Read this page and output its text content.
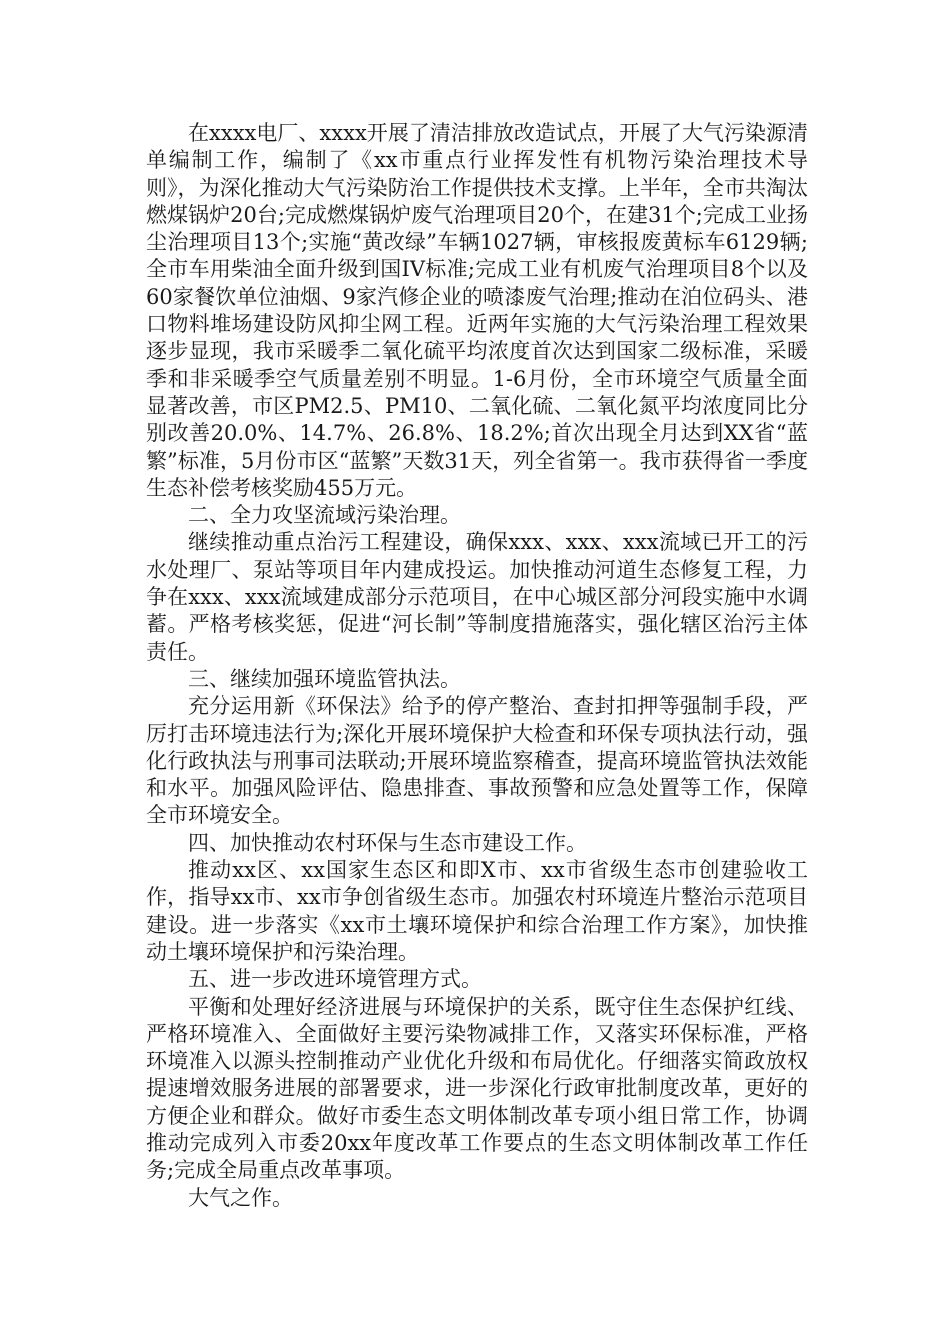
在xxxx电厂、xxxx开展了清洁排放改造试点，开展了大气污染源清单编制工作，编制了《xx市重点行业挥发性有机物污染治理技术导则》，为深化推动大气污染防治工作提供技术支撑。上半年，全市共淘汰燃煤锅炉20台;完成燃煤锅炉废气治理项目20个，在建31个;完成工业扬尘治理项目13个;实施“黄改绿”车辆1027辆，审核报废黄标车6129辆;全市车用柴油全面升级到国IV标准;完成工业有机废气治理项目8个以及60家餐饮单位油烟、9家汽修企业的喷漆废气治理;推动在泊位码头、港口物料堆场建设防风抑尘网工程。近两年实施的大气污染治理工程效果逐步显现，我市采暖季二氧化硫平均浓度首次达到国家二级标准，采暖季和非采暖季空气质量差别不明显。1-6月份，全市环境空气质量全面显著改善，市区PM2.5、PM10、二氧化硫、二氧化氮平均浓度同比分别改善20.0%、14.7%、26.8%、18.2%;首次出现全月达到XX省“蓝繁”标准，5月份市区“蓝繁”天数31天，列全省第一。我市获得省一季度生态补偿考核奖励455万元。

二、全力攻坚流域污染治理。

继续推动重点治污工程建设，确保xxx、xxx、xxx流域已开工的污水处理厂、泵站等项目年内建成投运。加快推动河道生态修复工程，力争在xxx、xxx流域建成部分示范项目，在中心城区部分河段实施中水调蓄。严格考核奖惩，促进“河长制”等制度措施落实，强化辖区治污主体责任。

三、继续加强环境监管执法。

充分运用新《环保法》给予的停产整治、查封扣押等强制手段，严厉打击环境违法行为;深化开展环境保护大检查和环保专项执法行动，强化行政执法与刑事司法联动;开展环境监察稽查，提高环境监管执法效能和水平。加强风险评估、隐患排查、事故预警和应急处置等工作，保障全市环境安全。

四、加快推动农村环保与生态市建设工作。

推动xx区、xx国家生态区和即X市、xx市省级生态市创建验收工作，指导xx市、xx市争创省级生态市。加强农村环境连片整治示范项目建设。进一步落实《xx市土壤环境保护和综合治理工作方案》，加快推动土壤环境保护和污染治理。

五、进一步改进环境管理方式。

平衡和处理好经济进展与环境保护的关系，既守住生态保护红线、严格环境准入、全面做好主要污染物减排工作，又落实环保标准，严格环境准入以源头控制推动产业优化升级和布局优化。仔细落实简政放权提速增效服务进展的部署要求，进一步深化行政审批制度改革，更好的方便企业和群众。做好市委生态文明体制改革专项小组日常工作，协调推动完成列入市委20xx年度改革工作要点的生态文明体制改革工作任务;完成全局重点改革事项。

大气之作。
